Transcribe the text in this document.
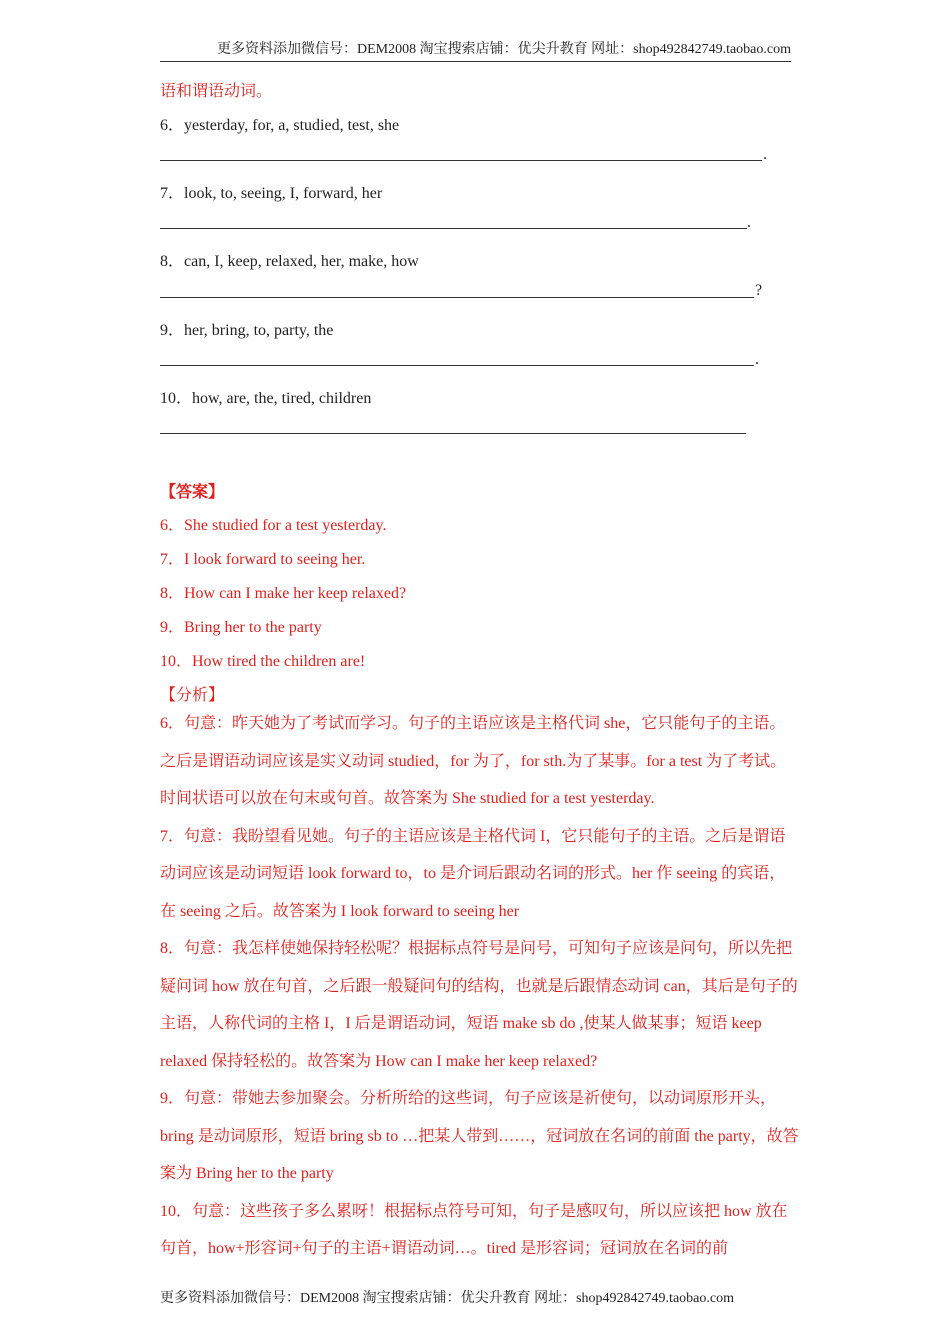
更多资料添加微信号：DEM2008 淘宝搜索店铺：优尖升教育 网址：shop492842749.taobao.com
语和谓语动词。
6．yesterday, for, a, studied, test, she
.
7．look, to, seeing, I, forward, her
.
8．can, I, keep, relaxed, her, make, how
?
9．her, bring, to, party, the
.
10．how, are, the, tired, children
【答案】
6．She studied for a test yesterday.
7．I look forward to seeing her.
8．How can I make her keep relaxed?
9．Bring her to the party
10．How tired the children are!
【分析】

6．句意：昨天她为了考试而学习。句子的主语应该是主格代词 she，它只能句子的主语。之后是谓语动词应该是实义动词 studied，for 为了，for sth.为了某事。for a test 为了考试。时间状语可以放在句末或句首。故答案为 She studied for a test yesterday.

7．句意：我盼望看见她。句子的主语应该是主格代词 I，它只能句子的主语。之后是谓语动词应该是动词短语 look forward to，to 是介词后跟动名词的形式。her 作 seeing 的宾语，在 seeing 之后。故答案为 I look forward to seeing her

8．句意：我怎样使她保持轻松呢？根据标点符号是问号，可知句子应该是问句，所以先把疑问词 how 放在句首，之后跟一般疑问句的结构，也就是后跟情态动词 can，其后是句子的主语，人称代词的主格 I，I 后是谓语动词，短语 make sb do ,使某人做某事；短语 keep relaxed 保持轻松的。故答案为 How can I make her keep relaxed?

9．句意：带她去参加聚会。分析所给的这些词，句子应该是祈使句，以动词原形开头，bring 是动词原形，短语 bring sb to …把某人带到……，冠词放在名词的前面 the party，故答案为 Bring her to the party

10．句意：这些孩子多么累呀！根据标点符号可知，句子是感叹句，所以应该把 how 放在句首，how+形容词+句子的主语+谓语动词…。tired 是形容词；冠词放在名词的前

更多资料添加微信号：DEM2008 淘宝搜索店铺：优尖升教育 网址：shop492842749.taobao.com
